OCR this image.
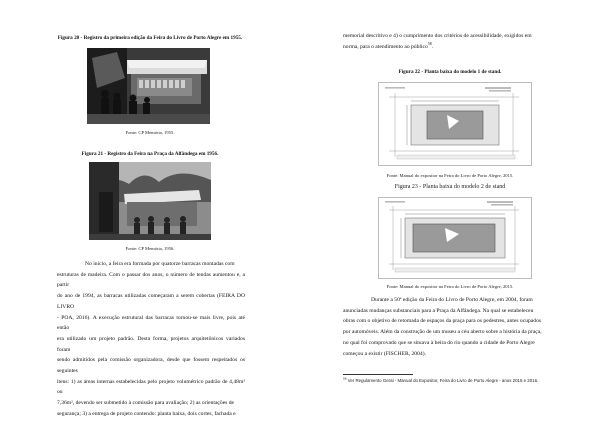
Figura 20 - Registro da primeira edição da Feira do Livro de Porto Alegre em 1955.
Fonte: CP Memória, 1955.
Figura 21 - Registro da Feira na Praça da Alfândega em 1956.
Fonte: CP Memória, 1956.

No início, a feira era formada por quatorze barracas montadas com

estruturas de madeira. Com o passar dos anos, o número de tendas aumentou e, a partir

do ano de 1994, as barracas utilizadas começaram a serem cobertas (FEIRA DO LIVRO

- POA, 2016). A execução estrutural das barracas tornou-se mais livre, pois até então

era utilizado um projeto padrão. Desta forma, projetos arquitetônicos variados foram

sendo admitidos pela comissão organizadora, desde que fossem respeitados os seguintes

itens: 1) as áreas internas estabelecidas pelo projeto volumétrico padrão de 4,48m² ou

7,36m², devendo ser submetido à comissão para avaliação; 2) as orientações de

segurança; 3) a entrega de projeto contendo: planta baixa, dois cortes, fachada e

memorial descritivo e 4) o cumprimento dos critérios de acessibilidade, exigidos em

norma, para o atendimento ao público$^{58}$.

Figura 22 - Planta baixa do modelo 1 de stand.
Fonte: Manual do expositor na Feira do Livro de Porto Alegre, 2015.
Figura 23 - Planta baixa do modelo 2 de stand
Fonte: Manual do expositor na Feira do Livro de Porto Alegre, 2015.

Durante a 50ª edição da Feira do Livro de Porto Alegre, em 2004, foram

anunciadas mudanças substanciais para a Praça da Alfândega. Na qual se estabeleceu

obras com o objetivo de retomada de espaços da praça para os pedestres, antes ocupados

por automóveis. Além da construção de um museu a céu aberto sobre a história da praça,

no qual foi comprovado que se situava à beira do rio quando a cidade de Porto Alegre

começou a existir (FISCHER, 2004).

$^{58}$ Ver Regulamento Geral - Manual do Expositor, Feira do Livro de Porto Alegre - anos 2015 e 2016.
